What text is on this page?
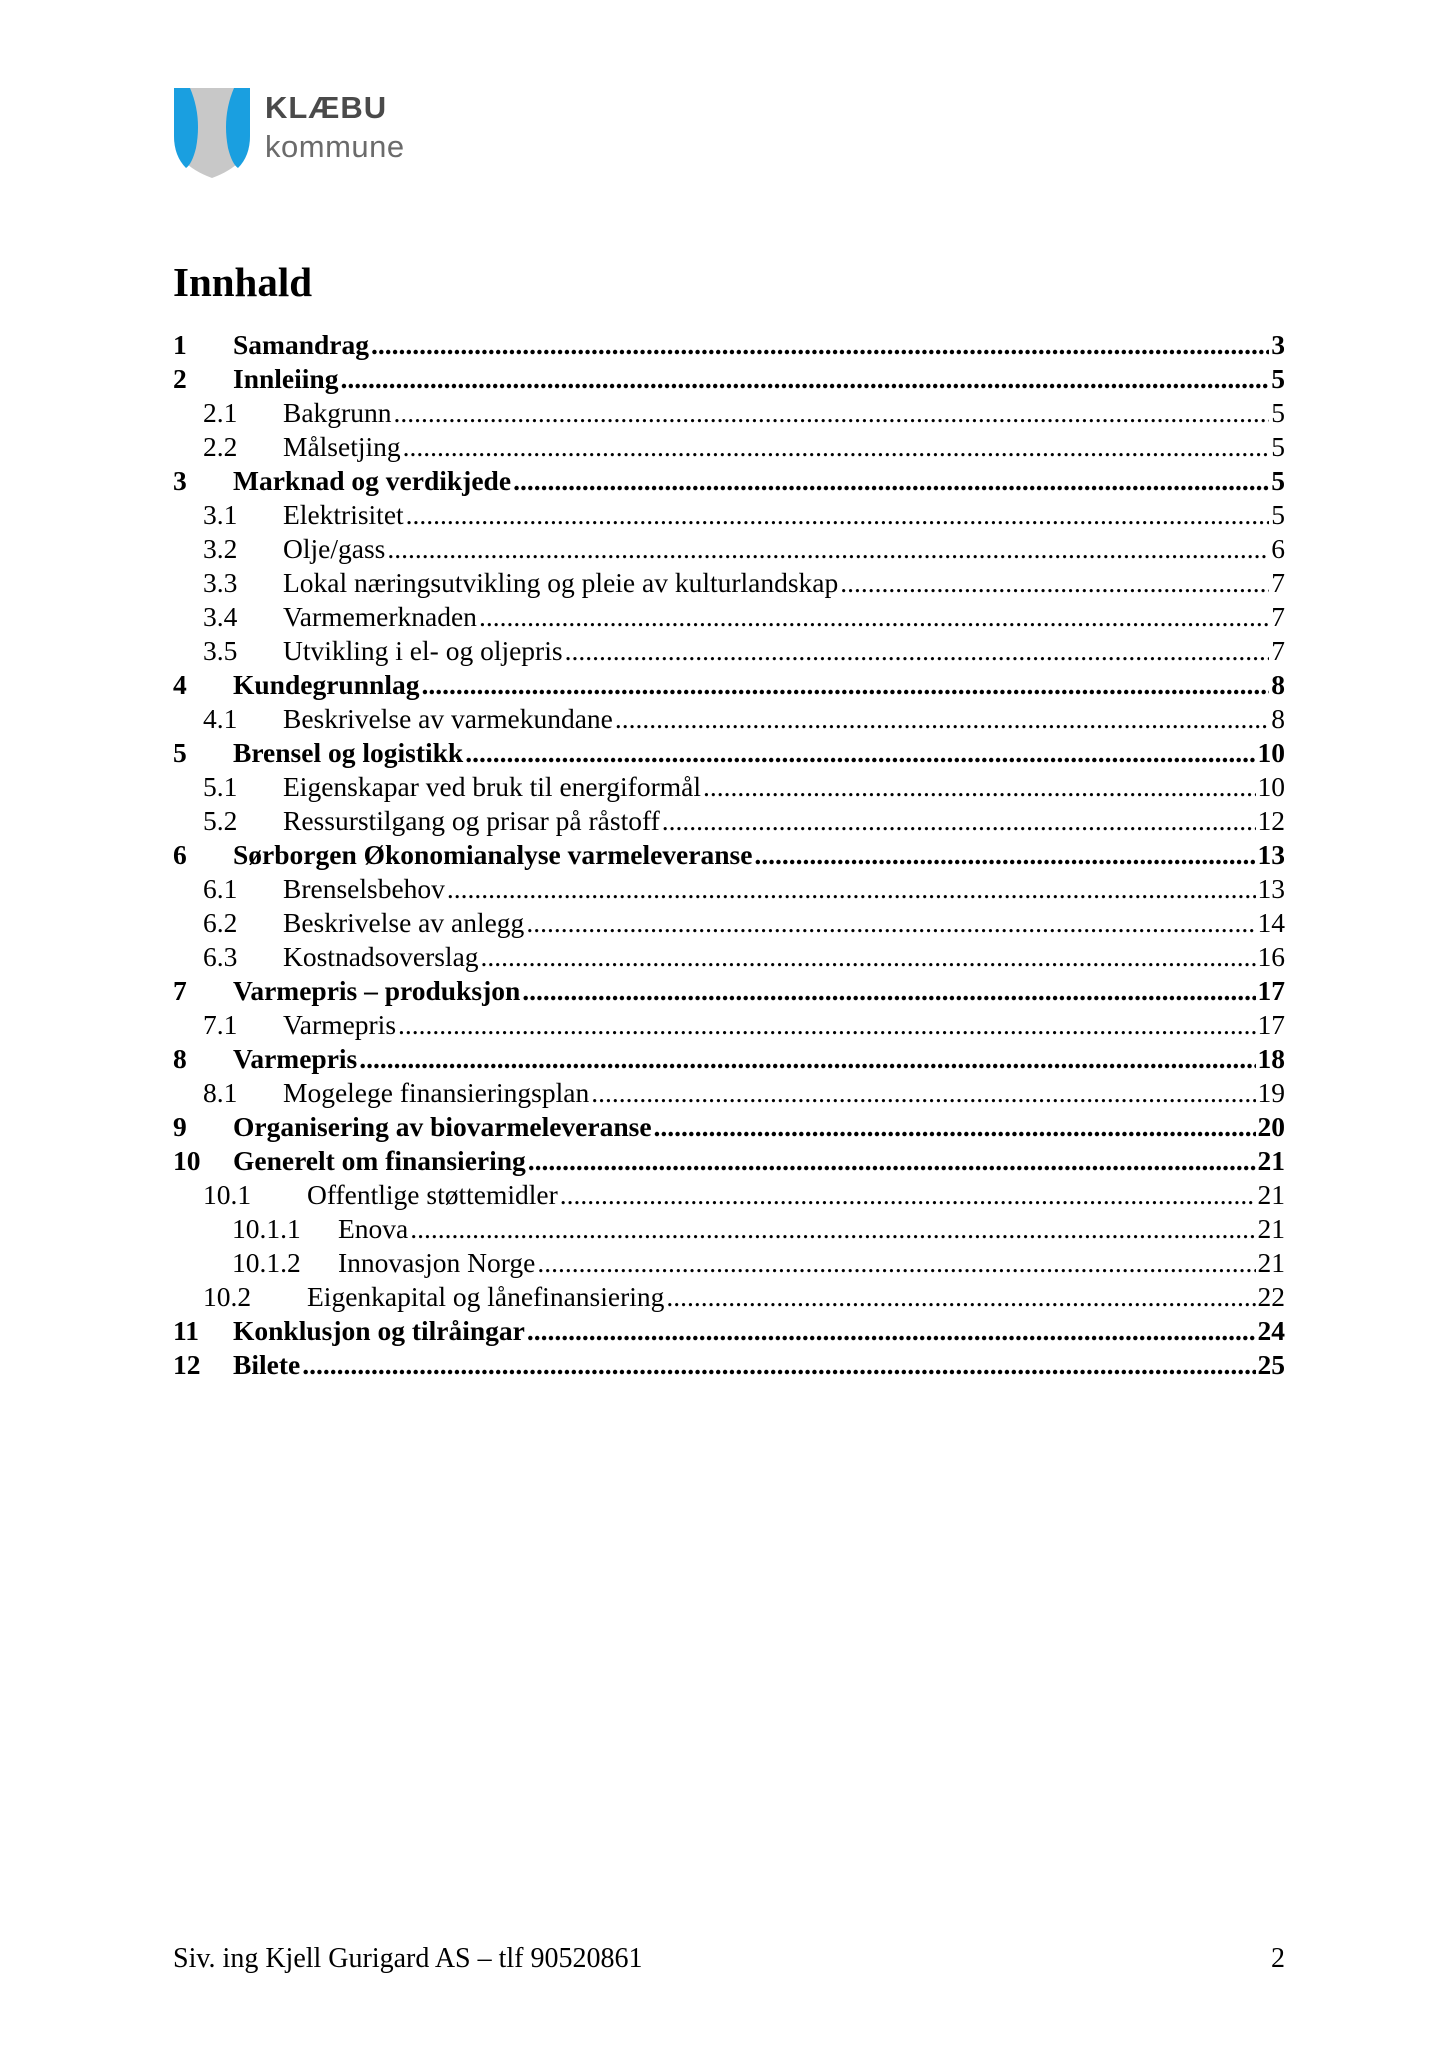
KLÆBU
kommune
Innhald
1	Samandrag .....	3
2	Innleiing .....	5
2.1	Bakgrunn .....	5
2.2	Målsetjing .....	5
3	Marknad og verdikjede .....	5
3.1	Elektrisitet .....	5
3.2	Olje/gass .....	6
3.3	Lokal næringsutvikling og pleie av kulturlandskap .....	7
3.4	Varmemerknaden .....	7
3.5	Utvikling i el- og oljepris .....	7
4	Kundegrunnlag .....	8
4.1	Beskrivelse av varmekundane .....	8
5	Brensel og logistikk .....	10
5.1	Eigenskapar ved bruk til energiformål .....	10
5.2	Ressurstilgang og prisar på råstoff .....	12
6	Sørborgen Økonomianalyse varmeleveranse .....	13
6.1	Brenselsbehov .....	13
6.2	Beskrivelse av anlegg .....	14
6.3	Kostnadsoverslag .....	16
7	Varmepris – produksjon .....	17
7.1	Varmepris .....	17
8	Varmepris .....	18
8.1	Mogelege finansieringsplan .....	19
9	Organisering av biovarmeleveranse .....	20
10	Generelt om finansiering .....	21
10.1	Offentlige støttemidler .....	21
10.1.1	Enova .....	21
10.1.2	Innovasjon Norge .....	21
10.2	Eigenkapital og lånefinansiering .....	22
11	Konklusjon og tilråingar .....	24
12	Bilete .....	25
Siv. ing Kjell Gurigard AS – tlf 90520861	2
